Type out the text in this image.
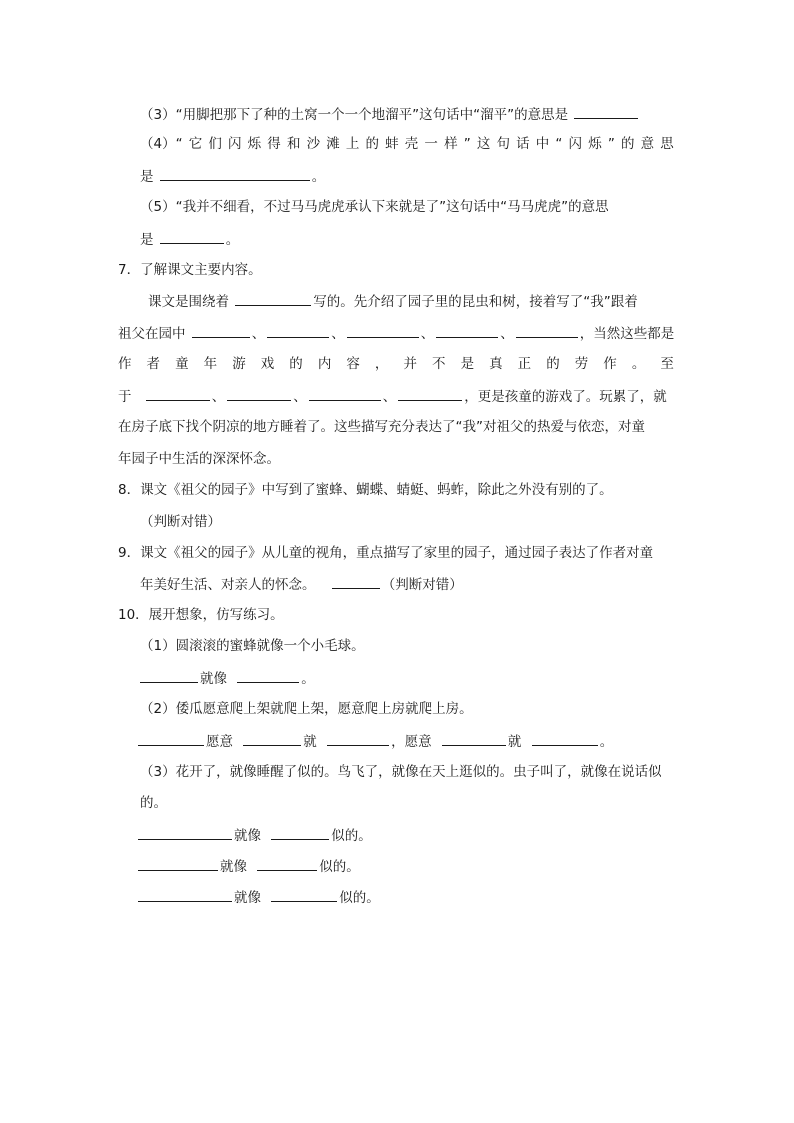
（3）“用脚把那下了种的土窝一个一个地溜平”这句话中“溜平”的意思是
（4）“ 它 们 闪 烁 得 和 沙 滩 上 的 蚌 壳 一 样 ” 这 句 话 中 “ 闪 烁 ” 的 意 思
是	。
（5）“我并不细看，不过马马虎虎承认下来就是了”这句话中“马马虎虎”的意思
是	。
7．了解课文主要内容。
课文是围绕着	写的。先介绍了园子里的昆虫和树，接着写了“我”跟着
祖父在园中	、	、	、	、	，当然这些都是
作 者 童 年 游 戏 的 内 容 ， 并 不 是 真 正 的 劳 作 。 至
于	、	、	、	，更是孩童的游戏了。玩累了，就
在房子底下找个阴凉的地方睡着了。这些描写充分表达了“我”对祖父的热爱与依恋，对童
年园子中生活的深深怀念。
8．课文《祖父的园子》中写到了蜜蜂、蝴蝶、蜻蜓、蚂蚱，除此之外没有别的了。
（判断对错）
9．课文《祖父的园子》从儿童的视角，重点描写了家里的园子，通过园子表达了作者对童
年美好生活、对亲人的怀念。	（判断对错）
10．展开想象，仿写练习。
（1）圆滚滚的蜜蜂就像一个小毛球。
就像	。
（2）倭瓜愿意爬上架就爬上架，愿意爬上房就爬上房。
愿意	就	，愿意	就	。
（3）花开了，就像睡醒了似的。鸟飞了，就像在天上逛似的。虫子叫了，就像在说话似
的。
就像	似的。
就像	似的。
就像	似的。
